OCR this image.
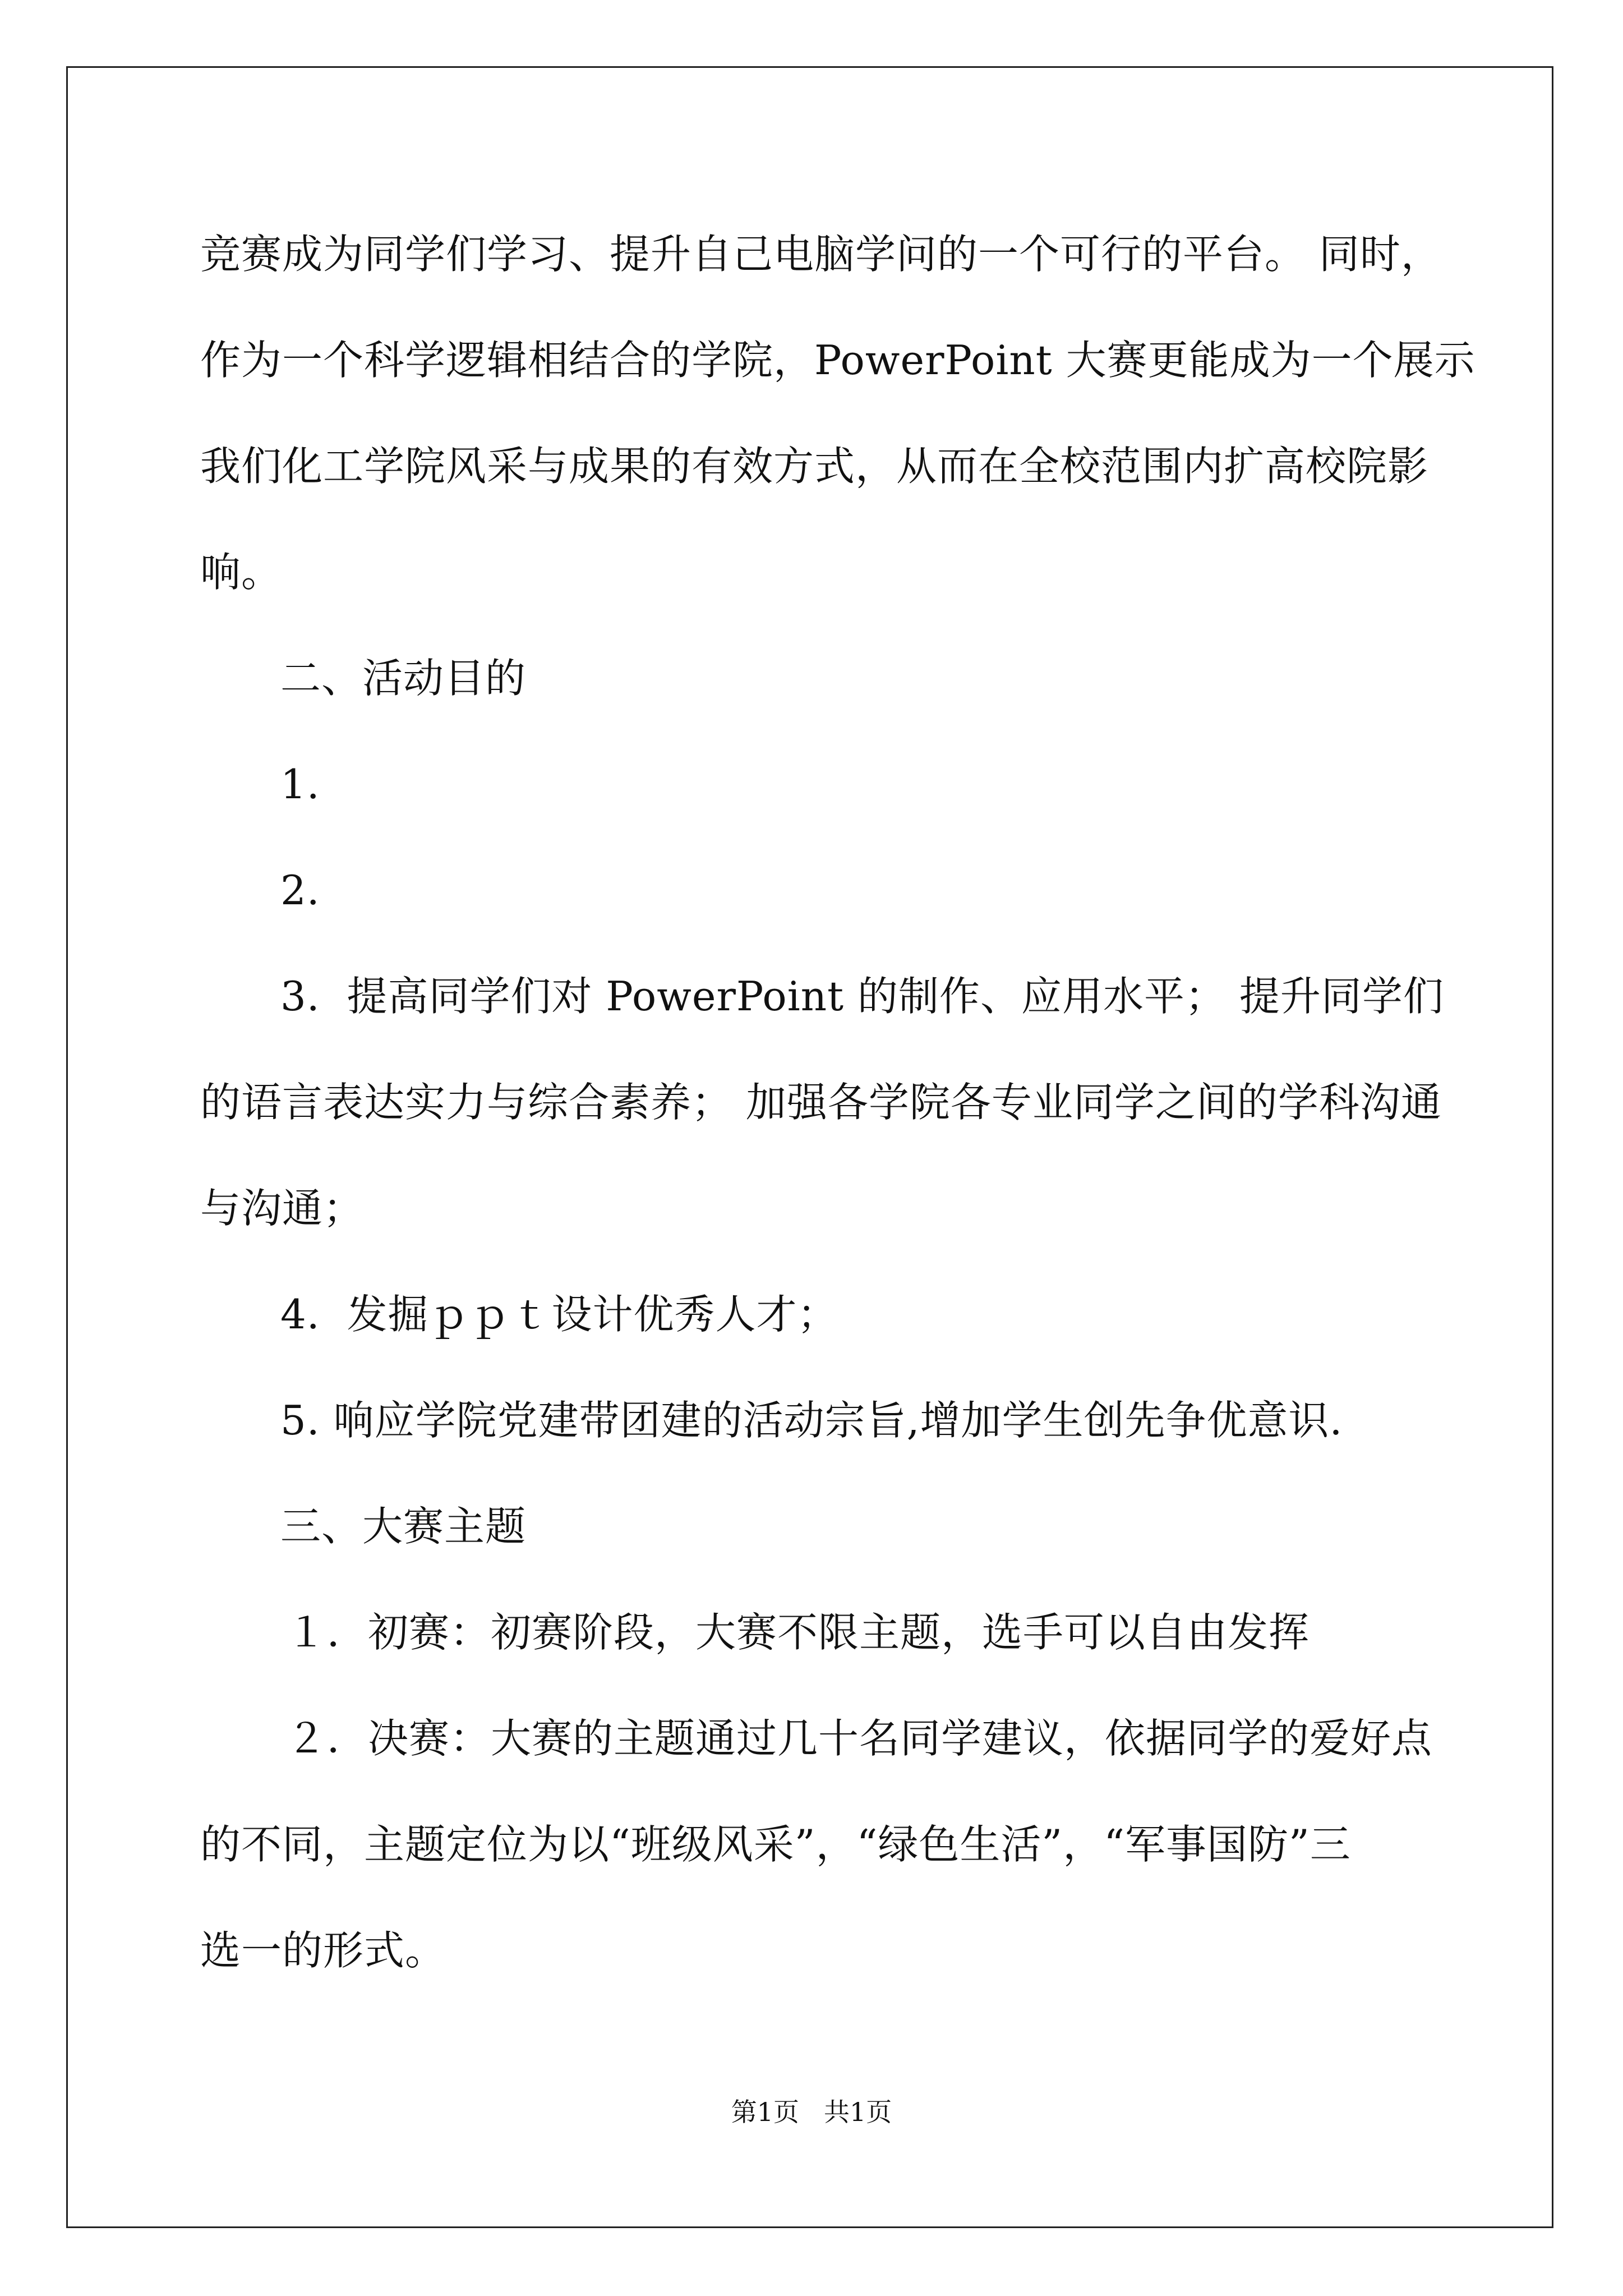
竞赛成为同学们学习、提升自己电脑学问的一个可行的平台。 同时，
作为一个科学逻辑相结合的学院，PowerPoint 大赛更能成为一个展示
我们化工学院风采与成果的有效方式，从而在全校范围内扩高校院影
响。
二、活动目的
1.
2.
3.  提高同学们对 PowerPoint 的制作、应用水平； 提升同学们
的语言表达实力与综合素养； 加强各学院各专业同学之间的学科沟通
与沟通；
4.  发掘ｐｐｔ设计优秀人才；
5. 响应学院党建带团建的活动宗旨,增加学生创先争优意识.
三、大赛主题
１．初赛：初赛阶段，大赛不限主题，选手可以自由发挥
２．决赛：大赛的主题通过几十名同学建议，依据同学的爱好点
的不同，主题定位为以“班级风采”，“绿色生活”，“军事国防”三
选一的形式。
第1页 共1页
